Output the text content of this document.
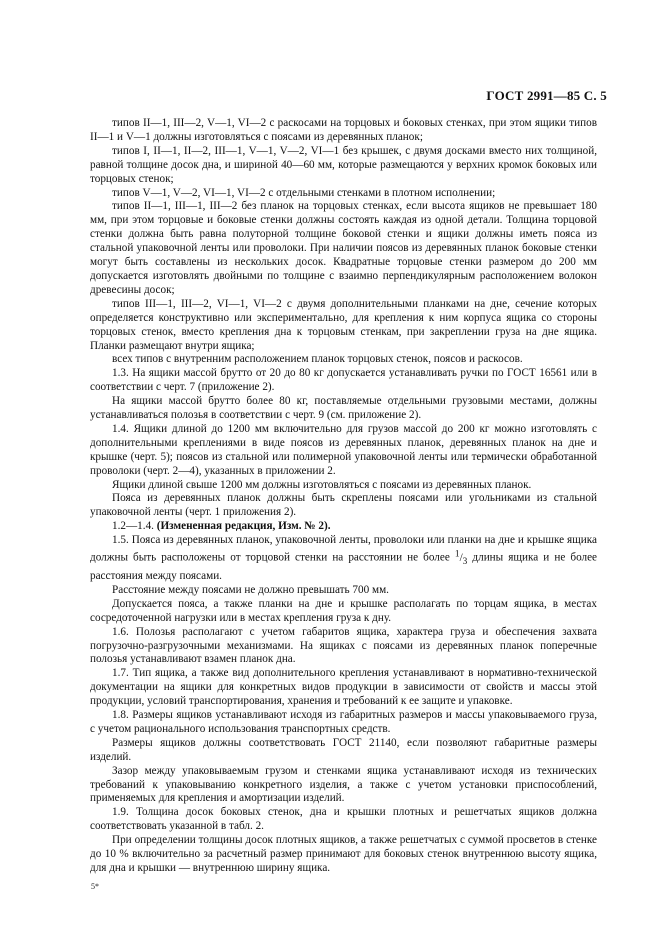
ГОСТ 2991—85 С. 5

типов II—1, III—2, V—1, VI—2 с раскосами на торцовых и боковых стенках, при этом ящики типов II—1 и V—1 должны изготовляться с поясами из деревянных планок;

типов I, II—1, II—2, III—1, V—1, V—2, VI—1 без крышек, с двумя досками вместо них толщиной, равной толщине досок дна, и шириной 40—60 мм, которые размещаются у верхних кромок боковых или торцовых стенок;

типов V—1, V—2, VI—1, VI—2 с отдельными стенками в плотном исполнении;

типов II—1, III—1, III—2 без планок на торцовых стенках, если высота ящиков не превышает 180 мм, при этом торцовые и боковые стенки должны состоять каждая из одной детали. Толщина торцовой стенки должна быть равна полуторной толщине боковой стенки и ящики должны иметь пояса из стальной упаковочной ленты или проволоки. При наличии поясов из деревянных планок боковые стенки могут быть составлены из нескольких досок. Квадратные торцовые стенки размером до 200 мм допускается изготовлять двойными по толщине с взаимно перпендикулярным расположением волокон древесины досок;

типов III—1, III—2, VI—1, VI—2 с двумя дополнительными планками на дне, сечение которых определяется конструктивно или экспериментально, для крепления к ним корпуса ящика со стороны торцовых стенок, вместо крепления дна к торцовым стенкам, при закреплении груза на дне ящика. Планки размещают внутри ящика;

всех типов с внутренним расположением планок торцовых стенок, поясов и раскосов.

1.3. На ящики массой брутто от 20 до 80 кг допускается устанавливать ручки по ГОСТ 16561 или в соответствии с черт. 7 (приложение 2).

На ящики массой брутто более 80 кг, поставляемые отдельными грузовыми местами, должны устанавливаться полозья в соответствии с черт. 9 (см. приложение 2).

1.4. Ящики длиной до 1200 мм включительно для грузов массой до 200 кг можно изготовлять с дополнительными креплениями в виде поясов из деревянных планок, деревянных планок на дне и крышке (черт. 5); поясов из стальной или полимерной упаковочной ленты или термически обработанной проволоки (черт. 2—4), указанных в приложении 2.

Ящики длиной свыше 1200 мм должны изготовляться с поясами из деревянных планок.

Пояса из деревянных планок должны быть скреплены поясами или угольниками из стальной упаковочной ленты (черт. 1 приложения 2).

1.2—1.4. (Измененная редакция, Изм. № 2).

1.5. Пояса из деревянных планок, упаковочной ленты, проволоки или планки на дне и крышке ящика должны быть расположены от торцовой стенки на расстоянии не более $^1/_3$ длины ящика и не более расстояния между поясами.

Расстояние между поясами не должно превышать 700 мм.

Допускается пояса, а также планки на дне и крышке располагать по торцам ящика, в местах сосредоточенной нагрузки или в местах крепления груза к дну.

1.6. Полозья располагают с учетом габаритов ящика, характера груза и обеспечения захвата погрузочно-разгрузочными механизмами. На ящиках с поясами из деревянных планок поперечные полозья устанавливают взамен планок дна.

1.7. Тип ящика, а также вид дополнительного крепления устанавливают в нормативно-технической документации на ящики для конкретных видов продукции в зависимости от свойств и массы этой продукции, условий транспортирования, хранения и требований к ее защите и упаковке.

1.8. Размеры ящиков устанавливают исходя из габаритных размеров и массы упаковываемого груза, с учетом рационального использования транспортных средств.

Размеры ящиков должны соответствовать ГОСТ 21140, если позволяют габаритные размеры изделий.

Зазор между упаковываемым грузом и стенками ящика устанавливают исходя из технических требований к упаковыванию конкретного изделия, а также с учетом установки приспособлений, применяемых для крепления и амортизации изделий.

1.9. Толщина досок боковых стенок, дна и крышки плотных и решетчатых ящиков должна соответствовать указанной в табл. 2.

При определении толщины досок плотных ящиков, а также решетчатых с суммой просветов в стенке до 10 % включительно за расчетный размер принимают для боковых стенок внутреннюю высоту ящика, для дна и крышки — внутреннюю ширину ящика.

5*
